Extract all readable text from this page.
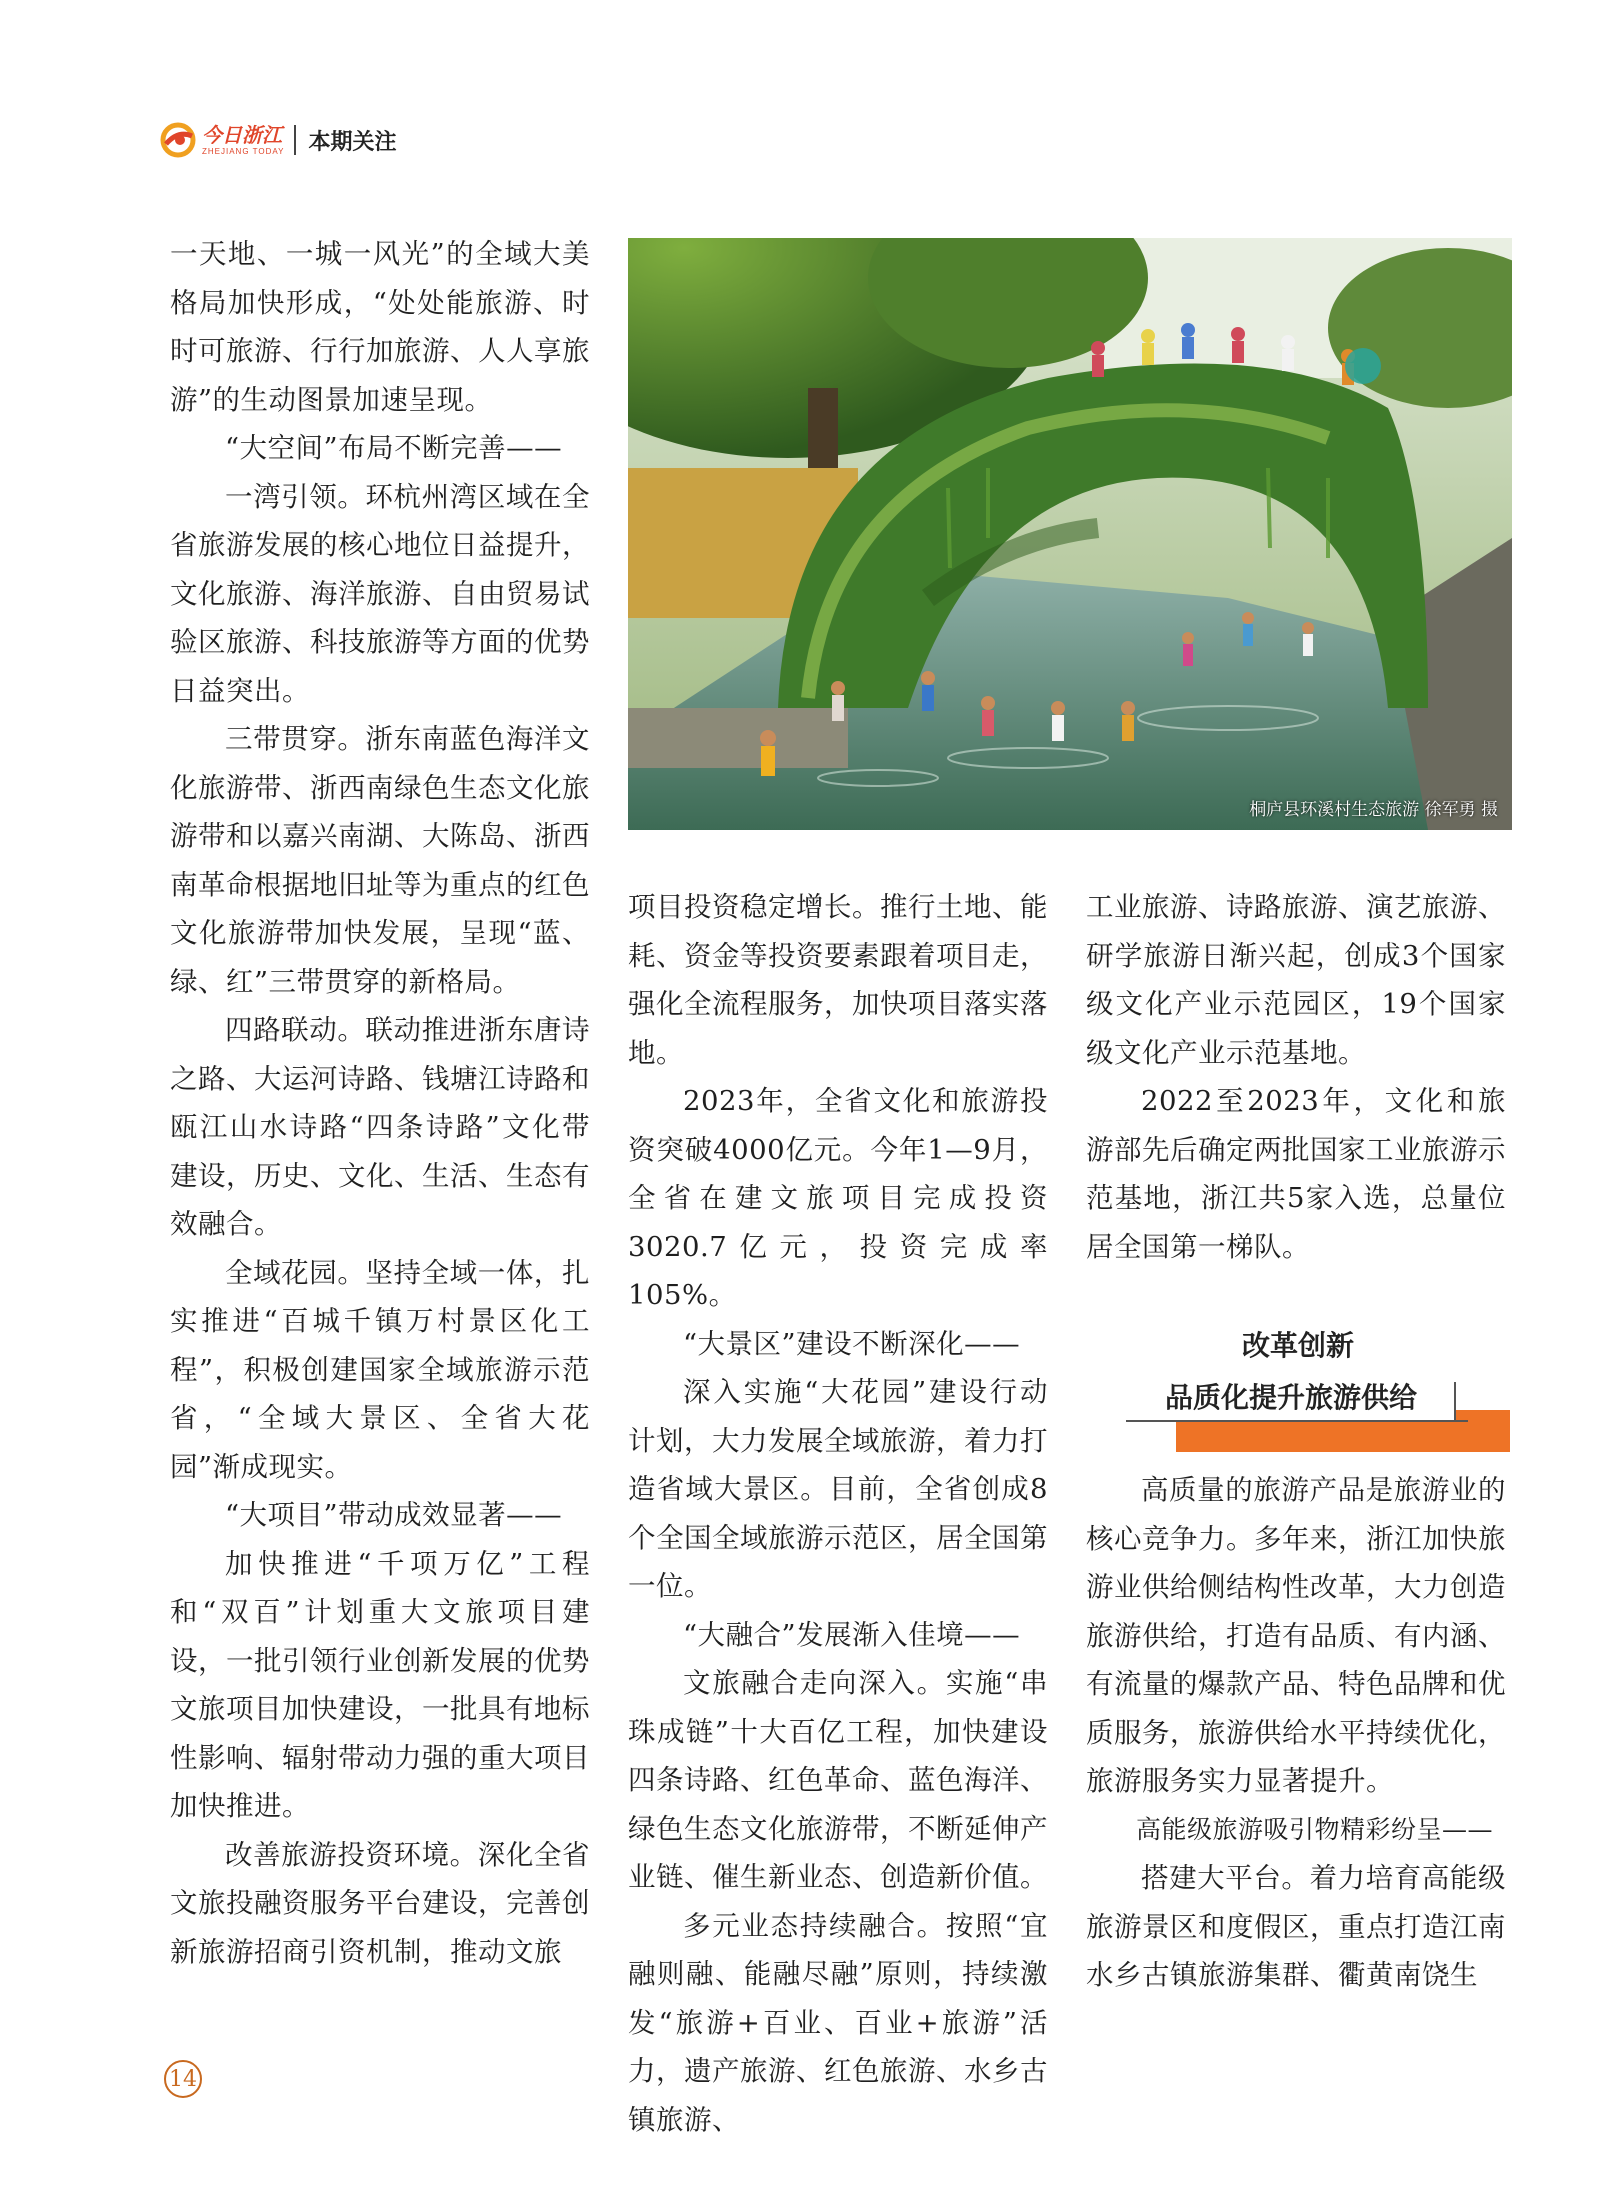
今日浙江
ZHEJIANG TODAY 本期关注

一天地、一城一风光”的全域大美格局加快形成，“处处能旅游、时时可旅游、行行加旅游、人人享旅游”的生动图景加速呈现。

“大空间”布局不断完善——

一湾引领。环杭州湾区域在全省旅游发展的核心地位日益提升，文化旅游、海洋旅游、自由贸易试验区旅游、科技旅游等方面的优势日益突出。

三带贯穿。浙东南蓝色海洋文化旅游带、浙西南绿色生态文化旅游带和以嘉兴南湖、大陈岛、浙西南革命根据地旧址等为重点的红色文化旅游带加快发展，呈现“蓝、绿、红”三带贯穿的新格局。

四路联动。联动推进浙东唐诗之路、大运河诗路、钱塘江诗路和瓯江山水诗路“四条诗路”文化带建设，历史、文化、生活、生态有效融合。

全域花园。坚持全域一体，扎实推进“百城千镇万村景区化工程”，积极创建国家全域旅游示范省，“全域大景区、全省大花园”渐成现实。

“大项目”带动成效显著——

加快推进“千项万亿”工程和“双百”计划重大文旅项目建设，一批引领行业创新发展的优势文旅项目加快建设，一批具有地标性影响、辐射带动力强的重大项目加快推进。

改善旅游投资环境。深化全省文旅投融资服务平台建设，完善创新旅游招商引资机制，推动文旅

桐庐县环溪村生态旅游 徐军勇 摄

项目投资稳定增长。推行土地、能耗、资金等投资要素跟着项目走，强化全流程服务，加快项目落实落地。

2023年，全省文化和旅游投资突破4000亿元。今年1—9月，全省在建文旅项目完成投资3020.7亿元，投资完成率105%。

“大景区”建设不断深化——

深入实施“大花园”建设行动计划，大力发展全域旅游，着力打造省域大景区。目前，全省创成8个全国全域旅游示范区，居全国第一位。

“大融合”发展渐入佳境——

文旅融合走向深入。实施“串珠成链”十大百亿工程，加快建设四条诗路、红色革命、蓝色海洋、绿色生态文化旅游带，不断延伸产业链、催生新业态、创造新价值。

多元业态持续融合。按照“宜融则融、能融尽融”原则，持续激发“旅游+百业、百业+旅游”活力，遗产旅游、红色旅游、水乡古镇旅游、

工业旅游、诗路旅游、演艺旅游、研学旅游日渐兴起，创成3个国家级文化产业示范园区，19个国家级文化产业示范基地。

2022至2023年，文化和旅游部先后确定两批国家工业旅游示范基地，浙江共5家入选，总量位居全国第一梯队。

改革创新
品质化提升旅游供给

高质量的旅游产品是旅游业的核心竞争力。多年来，浙江加快旅游业供给侧结构性改革，大力创造旅游供给，打造有品质、有内涵、有流量的爆款产品、特色品牌和优质服务，旅游供给水平持续优化，旅游服务实力显著提升。

高能级旅游吸引物精彩纷呈——

搭建大平台。着力培育高能级旅游景区和度假区，重点打造江南水乡古镇旅游集群、衢黄南饶生

14
